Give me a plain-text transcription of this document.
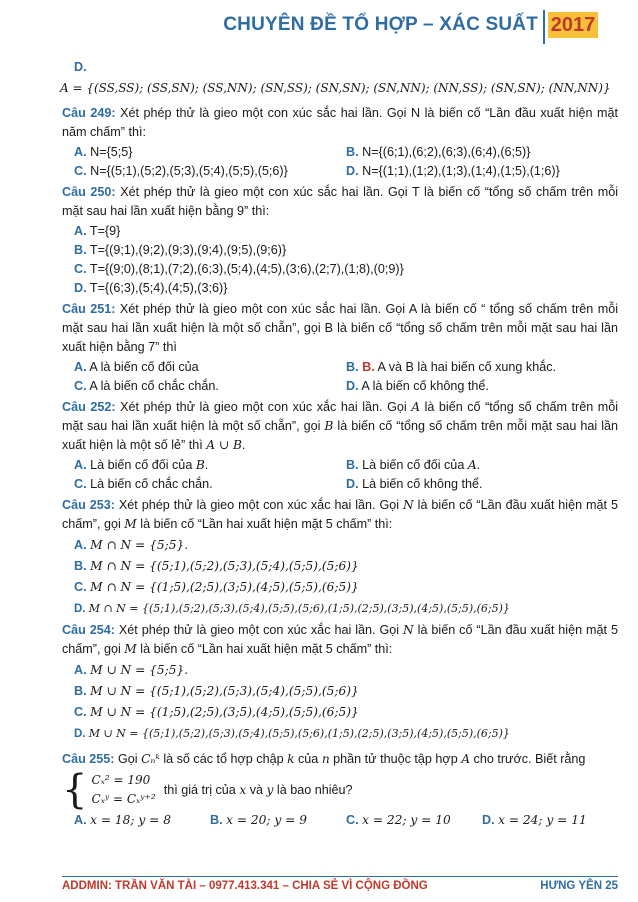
CHUYÊN ĐỀ TỔ HỢP – XÁC SUẤT 2017
D.
A = {(SS,SS); (SS,SN); (SS,NN); (SN,SS); (SN,SN); (SN,NN); (NN,SS); (SN,SN); (NN,NN)}
Câu 249: Xét phép thử là gieo một con xúc sắc hai lần. Gọi N là biến cố “Lần đầu xuất hiện mặt năm chấm” thì:
A. N={5;5}	B. N={(6;1),(6;2),(6;3),(6;4),(6;5)}
C. N={(5;1),(5;2),(5;3),(5;4),(5;5),(5;6)}	D. N={(1;1),(1;2),(1;3),(1;4),(1;5),(1;6)}
Câu 250: Xét phép thử là gieo một con xúc sắc hai lần. Gọi T là biến cố “tổng số chấm trên mỗi mặt sau hai lần xuất hiện bằng 9” thì:
A. T={9}
B. T={(9;1),(9;2),(9;3),(9;4),(9;5),(9;6)}
C. T={(9;0),(8;1),(7;2),(6;3),(5;4),(4;5),(3;6),(2;7),(1;8),(0;9)}
D. T={(6;3),(5;4),(4;5),(3;6)}
Câu 251: Xét phép thử là gieo một con xúc sắc hai lần. Gọi A là biến cố “ tổng số chấm trên mỗi mặt sau hai lần xuất hiện là một số chẵn”, gọi B là biến cố “tổng số chấm trên mỗi mặt sau hai lần xuất hiện bằng 7” thì
A. A là biến cố đối của	B. B. A và B là hai biến cố xung khắc.
C. A là biến cố chắc chắn.	D. A là biến cố không thể.
Câu 252: Xét phép thử là gieo một con xúc xắc hai lần. Gọi A là biến cố “tổng số chấm trên mỗi mặt sau hai lần xuất hiện là một số chẵn”, gọi B là biến cố “tổng số chấm trên mỗi mặt sau hai lần xuất hiện là một số lẻ” thì A ∪ B.
A. Là biến cố đối của B.	B. Là biến cố đối của A.
C. Là biến cố chắc chắn.	D. Là biến cố không thể.
Câu 253: Xét phép thử là gieo một con xúc xắc hai lần. Gọi N là biến cố “Lần đầu xuất hiện mặt 5 chấm”, gọi M là biến cố “Lần hai xuất hiện mặt 5 chấm” thì:
A. M ∩ N = {5;5}.
B. M ∩ N = {(5;1),(5;2),(5;3),(5;4),(5;5),(5;6)}
C. M ∩ N = {(1;5),(2;5),(3;5),(4;5),(5;5),(6;5)}
D. M ∩ N = {(5;1),(5;2),(5;3),(5;4),(5;5),(5;6),(1;5),(2;5),(3;5),(4;5),(5;5),(6;5)}
Câu 254: Xét phép thử là gieo một con xúc xắc hai lần. Gọi N là biến cố “Lần đầu xuất hiện mặt 5 chấm”, gọi M là biến cố “Lần hai xuất hiện mặt 5 chấm” thì:
A. M ∪ N = {5;5}.
B. M ∪ N = {(5;1),(5;2),(5;3),(5;4),(5;5),(5;6)}
C. M ∪ N = {(1;5),(2;5),(3;5),(4;5),(5;5),(6;5)}
D. M ∪ N = {(5;1),(5;2),(5;3),(5;4),(5;5),(5;6),(1;5),(2;5),(3;5),(4;5),(5;5),(6;5)}
Câu 255: Gọi Cₙᵏ là số các tổ hợp chập k của n phần tử thuộc tập hợp A cho trước. Biết rằng
{ Cₓ² = 190
Cₓʸ = Cₓʸ⁺²
thì giá trị của x và y là bao nhiêu?
A. x = 18; y = 8	B. x = 20; y = 9	C. x = 22; y = 10	D. x = 24; y = 11
ADDMIN: TRẦN VĂN TÀI – 0977.413.341 – CHIA SẺ VÌ CỘNG ĐỒNG	HƯNG YÊN 25
